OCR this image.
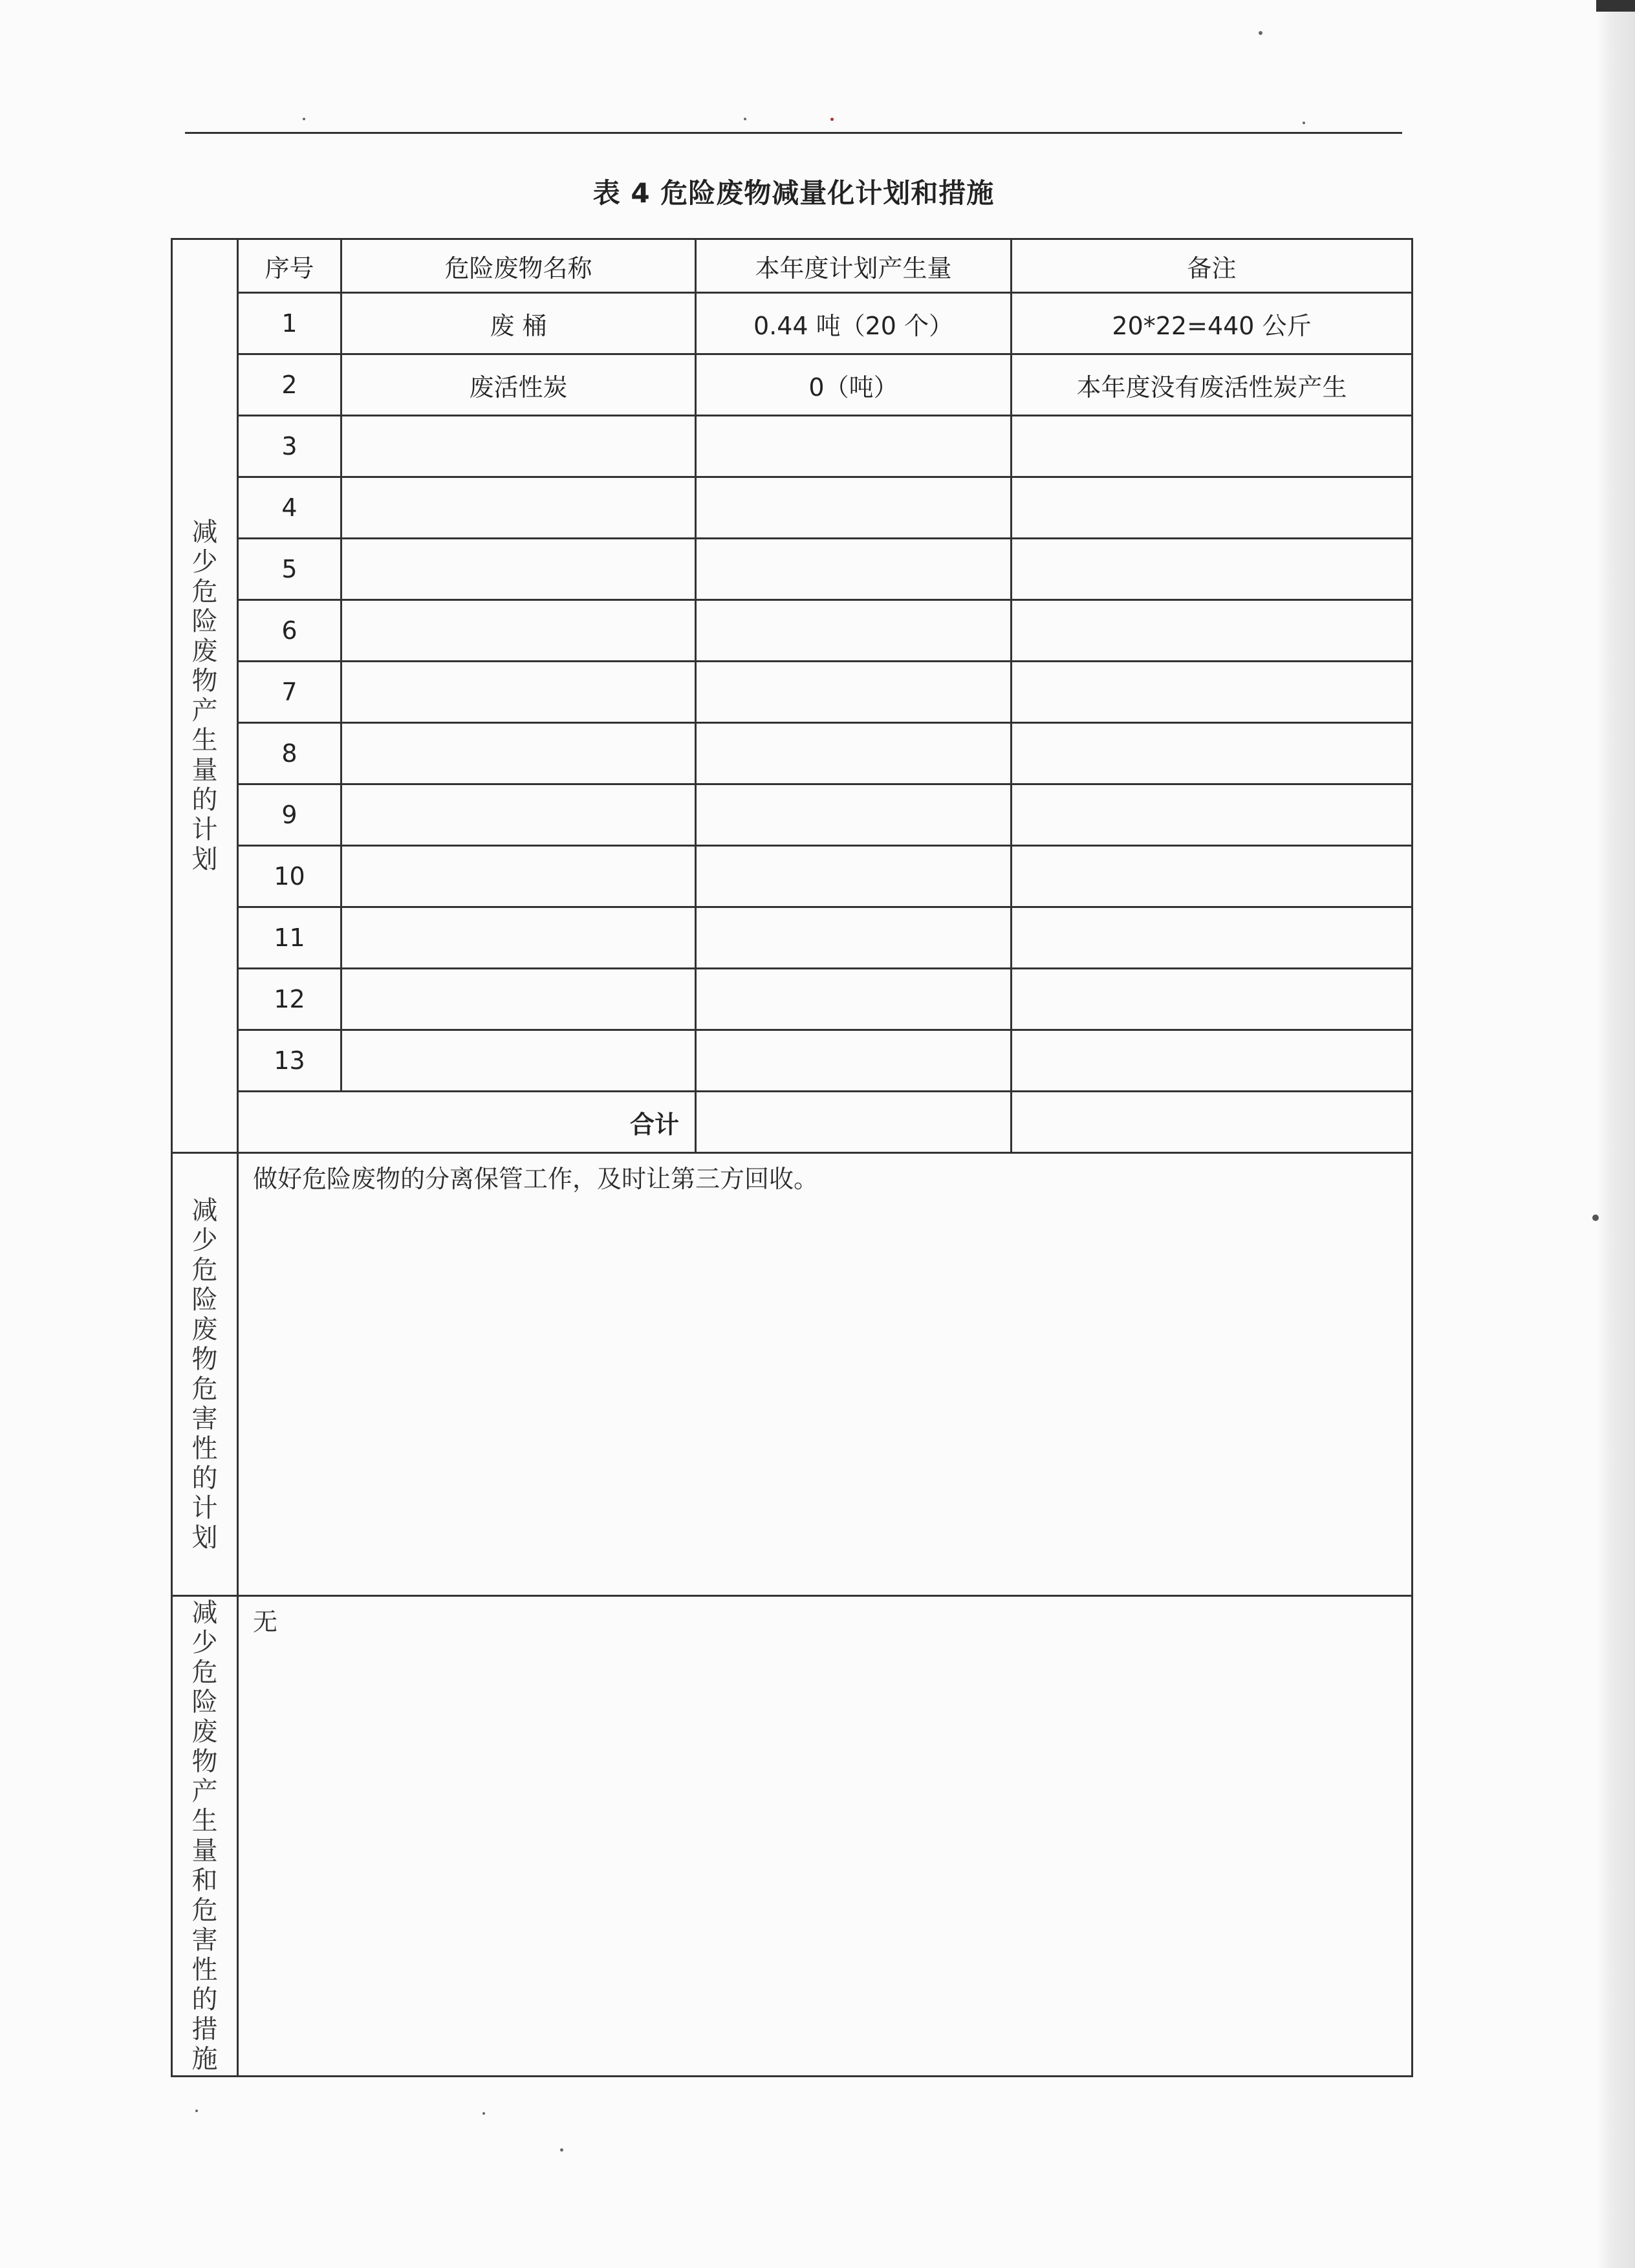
表 4 危险废物减量化计划和措施
减少危险废物产生量的计划	序号	危险废物名称	本年度计划产生量	备注
	1	废 桶	0.44 吨（20 个）	20*22=440 公斤
	2	废活性炭	0（吨）	本年度没有废活性炭产生
	3			
	4			
	5			
	6			
	7			
	8			
	9			
	10			
	11			
	12			
	13			
	合计			
减少危险废物危害性的计划	做好危险废物的分离保管工作，及时让第三方回收。			
减少危险废物产生量和危害性的措施	无			
